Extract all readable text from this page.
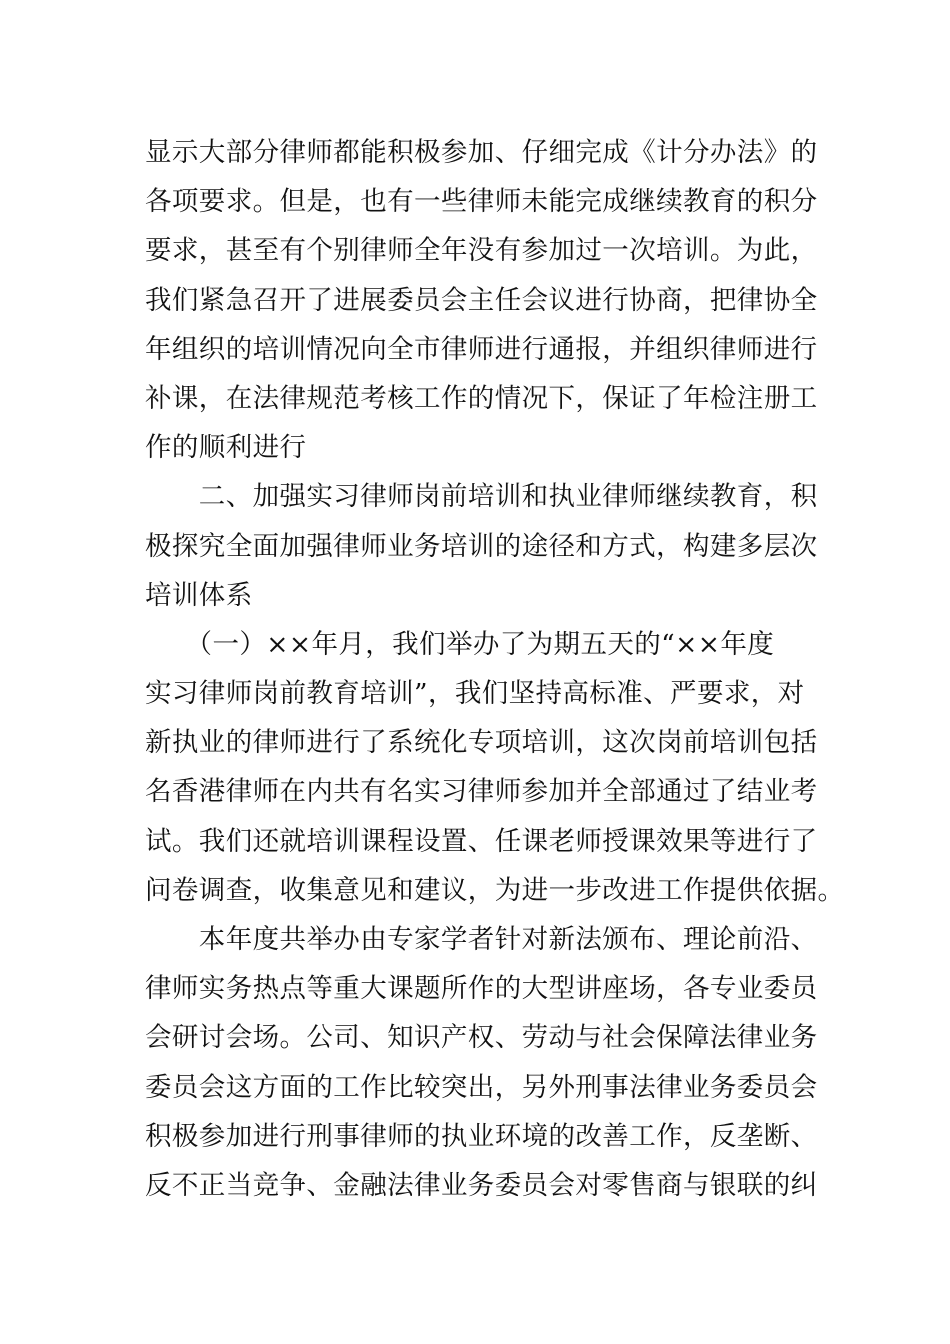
显示大部分律师都能积极参加、仔细完成《计分办法》的
各项要求。但是，也有一些律师未能完成继续教育的积分
要求，甚至有个别律师全年没有参加过一次培训。为此，
我们紧急召开了进展委员会主任会议进行协商，把律协全
年组织的培训情况向全市律师进行通报，并组织律师进行
补课，在法律规范考核工作的情况下，保证了年检注册工
作的顺利进行
　　二、加强实习律师岗前培训和执业律师继续教育，积
极探究全面加强律师业务培训的途径和方式，构建多层次
培训体系
　　（一）××年月，我们举办了为期五天的“××年度
实习律师岗前教育培训”，我们坚持高标准、严要求，对
新执业的律师进行了系统化专项培训，这次岗前培训包括
名香港律师在内共有名实习律师参加并全部通过了结业考
试。我们还就培训课程设置、任课老师授课效果等进行了
问卷调查，收集意见和建议，为进一步改进工作提供依据。
　　本年度共举办由专家学者针对新法颁布、理论前沿、
律师实务热点等重大课题所作的大型讲座场，各专业委员
会研讨会场。公司、知识产权、劳动与社会保障法律业务
委员会这方面的工作比较突出，另外刑事法律业务委员会
积极参加进行刑事律师的执业环境的改善工作，反垄断、
反不正当竞争、金融法律业务委员会对零售商与银联的纠
